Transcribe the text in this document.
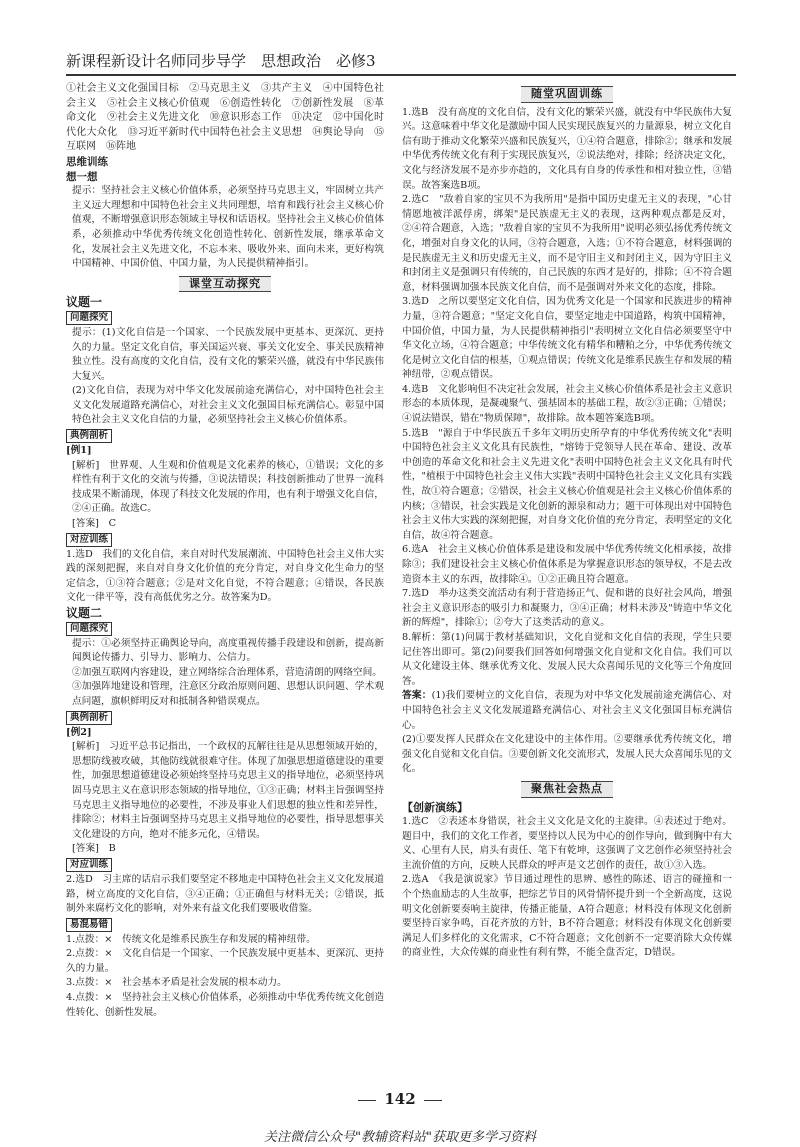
新课程新设计名师同步导学　思想政治　必修3

①社会主义文化强国目标　②马克思主义　③共产主义　④中国特色社会主义　⑤社会主义核心价值观　⑥创造性转化　⑦创新性发展　⑧革命文化　⑨社会主义先进文化　⑩意识形态工作　⑪决定　⑫中国化时代化大众化　⑬习近平新时代中国特色社会主义思想　⑭舆论导向　⑮互联网　⑯阵地

思维训练

想一想

提示：坚持社会主义核心价值体系，必须坚持马克思主义，牢固树立共产主义远大理想和中国特色社会主义共同理想，培育和践行社会主义核心价值观，不断增强意识形态领域主导权和话语权。坚持社会主义核心价值体系，必须推动中华优秀传统文化创造性转化、创新性发展，继承革命文化，发展社会主义先进文化，不忘本来、吸收外来、面向未来，更好构筑中国精神、中国价值、中国力量，为人民提供精神指引。

课堂互动探究

议题一

问题探究

提示：(1)文化自信是一个国家、一个民族发展中更基本、更深沉、更持久的力量。坚定文化自信，事关国运兴衰、事关文化安全、事关民族精神独立性。没有高度的文化自信，没有文化的繁荣兴盛，就没有中华民族伟大复兴。

(2)文化自信，表现为对中华文化发展前途充满信心，对中国特色社会主义文化发展道路充满信心，对社会主义文化强国目标充满信心。彰显中国特色社会主义文化自信的力量，必须坚持社会主义核心价值体系。

典例剖析

[例1]

[解析]　世界观、人生观和价值观是文化素养的核心，①错误；文化的多样性有利于文化的交流与传播，③说法错误；科技创新推动了世界一流科技成果不断涌现，体现了科技文化发展的作用，也有利于增强文化自信，②④正确。故选C。

[答案]　C

对应训练

1.选D　我们的文化自信，来自对时代发展潮流、中国特色社会主义伟大实践的深刻把握，来自对自身文化价值的充分肯定，对自身文化生命力的坚定信念，①③符合题意；②是对文化自觉，不符合题意；④错误，各民族文化一律平等，没有高低优劣之分。故答案为D。

议题二

问题探究

提示：①必须坚持正确舆论导向，高度重视传播手段建设和创新，提高新闻舆论传播力、引导力、影响力、公信力。

②加强互联网内容建设，建立网络综合治理体系，营造清朗的网络空间。

③加强阵地建设和管理，注意区分政治原则问题、思想认识问题、学术观点问题，旗帜鲜明反对和抵制各种错误观点。

典例剖析

[例2]

[解析]　习近平总书记指出，一个政权的瓦解往往是从思想领域开始的，思想防线被攻破，其他防线就很难守住。体现了加强思想道德建设的重要性，加强思想道德建设必须始终坚持马克思主义的指导地位，必须坚持巩固马克思主义在意识形态领域的指导地位，①③正确；材料主旨强调坚持马克思主义指导地位的必要性，不涉及事业人们思想的独立性和差异性，排除②；材料主旨强调坚持马克思主义指导地位的必要性，指导思想事关文化建设的方向，绝对不能多元化，④错误。

[答案]　B

对应训练

2.选D　习主席的话启示我们要坚定不移地走中国特色社会主义文化发展道路，树立高度的文化自信，③④正确；①正确但与材料无关；②错误，抵制外来腐朽文化的影响，对外来有益文化我们要吸收借鉴。

易混易错

1.点拨：×　传统文化是维系民族生存和发展的精神纽带。

2.点拨：×　文化自信是一个国家、一个民族发展中更基本、更深沉、更持久的力量。

3.点拨：×　社会基本矛盾是社会发展的根本动力。

4.点拨：×　坚持社会主义核心价值体系，必须推动中华优秀传统文化创造性转化、创新性发展。

随堂巩固训练

1.选B　没有高度的文化自信，没有文化的繁荣兴盛，就没有中华民族伟大复兴。这意味着中华文化是激励中国人民实现民族复兴的力量源泉，树立文化自信有助于推动文化繁荣兴盛和民族复兴，①④符合题意，排除②；继承和发展中华优秀传统文化有利于实现民族复兴，②说法绝对，排除；经济决定文化，文化与经济发展不是亦步亦趋的，文化具有自身的传承性和相对独立性，③错误。故答案选B项。

2.选C　"敌着自家的宝贝不为我所用"是指中国历史虚无主义的表现，"心甘情愿地被洋派俘虏，绑架"是民族虚无主义的表现，这两种观点都是反对，②④符合题意，入选；"敌着自家的宝贝不为我所用"说明必须弘扬优秀传统文化，增强对自身文化的认同，③符合题意，入选；①不符合题意，材料强调的是民族虚无主义和历史虚无主义，而不是守旧主义和封闭主义，因为守旧主义和封闭主义是强调只有传统的，自己民族的东西才是好的，排除；④不符合题意，材料强调加强本民族文化自信，而不是强调对外来文化的态度，排除。

3.选D　之所以要坚定文化自信，因为优秀文化是一个国家和民族进步的精神力量，③符合题意；"坚定文化自信，要坚定地走中国道路，构筑中国精神，中国价值，中国力量，为人民提供精神指引"表明树立文化自信必须要坚守中华文化立场，④符合题意；中华传统文化有精华和糟粕之分，中华优秀传统文化是树立文化自信的根基，①观点错误；传统文化是维系民族生存和发展的精神纽带，②观点错误。

4.选B　文化影响但不决定社会发展，社会主义核心价值体系是社会主义意识形态的本质体现，是凝魂聚气、强基固本的基础工程，故②③正确；①错误；④说法错误，错在"物质保障"，故排除。故本题答案选B项。

5.选B　"源自于中华民族五千多年文明历史所孕育的中华优秀传统文化"表明中国特色社会主义文化具有民族性，"熔铸于党领导人民在革命、建设、改革中创造的革命文化和社会主义先进文化"表明中国特色社会主义文化具有时代性，"植根于中国特色社会主义伟大实践"表明中国特色社会主义文化具有实践性，故①符合题意；②错误，社会主义核心价值观是社会主义核心价值体系的内核；③错误，社会实践是文化创新的源泉和动力；题干可体现出对中国特色社会主义伟大实践的深刻把握，对自身文化价值的充分肯定，表明坚定的文化自信，故④符合题意。

6.选A　社会主义核心价值体系是建设和发展中华优秀传统文化相承接，故排除③；我们建设社会主义核心价值体系是为掌握意识形态的领导权，不是去改造资本主义的东西，故排除④。①②正确且符合题意。

7.选D　举办这类交流活动有利于营造扬正气、促和谐的良好社会风尚，增强社会主义意识形态的吸引力和凝聚力，③④正确；材料未涉及"铸造中华文化新的辉煌"，排除①；②夸大了这类活动的意义。

8.解析：第(1)问属于教材基础知识，文化自觉和文化自信的表现，学生只要记住答出即可。第(2)问要我们回答如何增强文化自觉和文化自信。我们可以从文化建设主体、继承优秀文化、发展人民大众喜闻乐见的文化等三个角度回答。

答案：(1)我们要树立的文化自信，表现为对中华文化发展前途充满信心、对中国特色社会主义文化发展道路充满信心、对社会主义文化强国目标充满信心。

(2)①要发挥人民群众在文化建设中的主体作用。②要继承优秀传统文化，增强文化自觉和文化自信。③要创新文化交流形式，发展人民大众喜闻乐见的文化。

聚焦社会热点

【创新演练】

1.选C　②表述本身错误，社会主义文化是文化的主旋律。④表述过于绝对。题目中，我们的文化工作者，要坚持以人民为中心的创作导向，做到胸中有大义、心里有人民，肩头有责任、笔下有乾坤，这强调了文艺创作必须坚持社会主流价值的方向，反映人民群众的呼声是文艺创作的责任，故①③入选。

2.选A　《我是演说家》节目通过理性的思辨、感性的陈述、语言的碰撞和一个个热血励志的人生故事，把综艺节目的风骨情怀提升到一个全新高度，这说明文化创新要奏响主旋律，传播正能量，A符合题意；材料没有体现文化创新要坚持百家争鸣，百花齐放的方针，B不符合题意；材料没有体现文化创新要满足人们多样化的文化需求，C不符合题意；文化创新不一定要消除大众传媒的商业性，大众传媒的商业性有利有弊，不能全盘否定，D错误。

142
关注微信公众号"教辅资料站"获取更多学习资料
